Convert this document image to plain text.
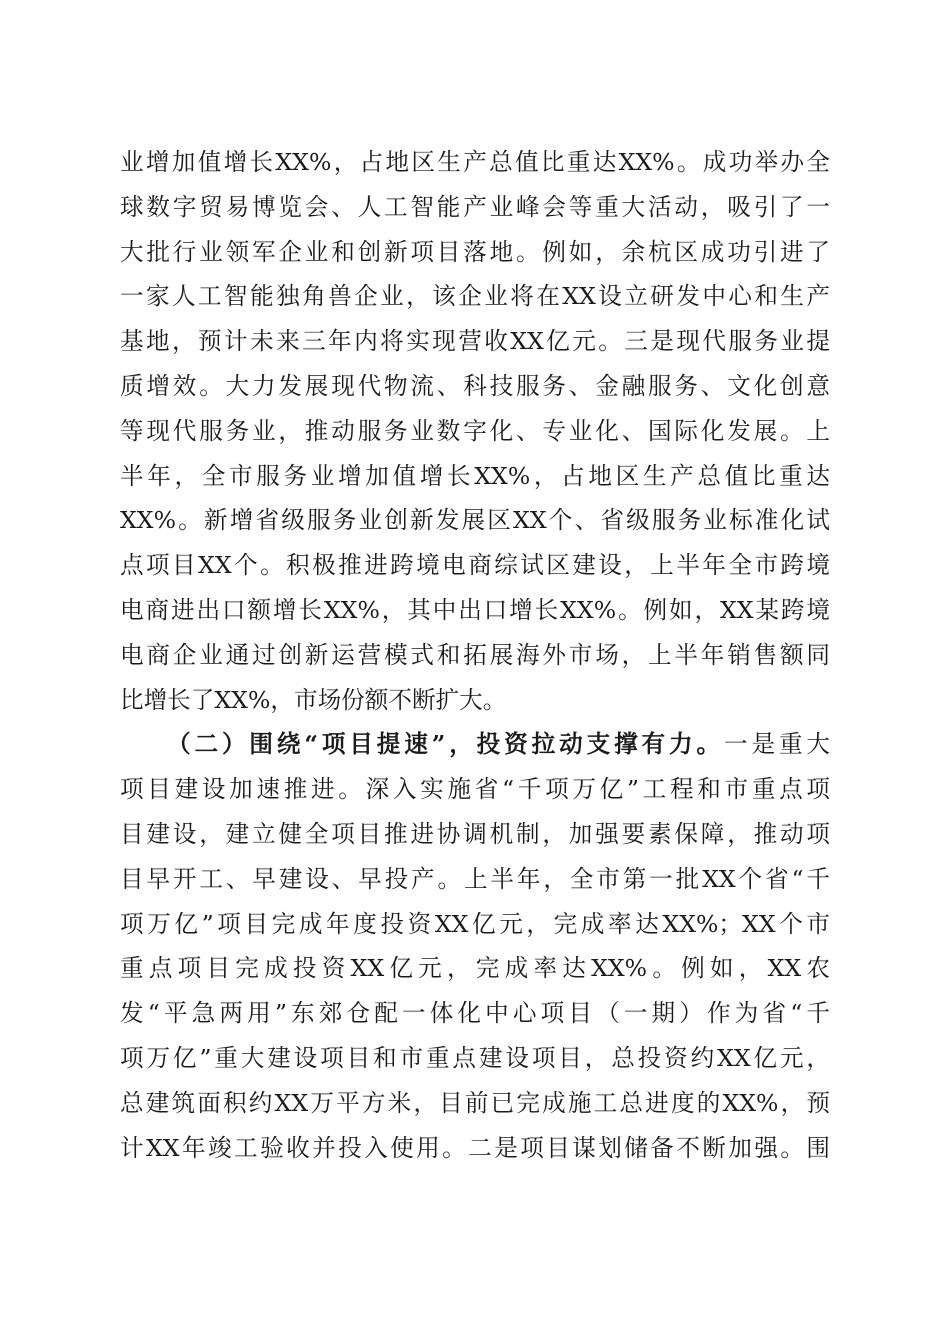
业增加值增长XX%，占地区生产总值比重达XX%。成功举办全
球数字贸易博览会、人工智能产业峰会等重大活动，吸引了一
大批行业领军企业和创新项目落地。例如，余杭区成功引进了
一家人工智能独角兽企业，该企业将在XX设立研发中心和生产
基地，预计未来三年内将实现营收XX亿元。三是现代服务业提
质增效。大力发展现代物流、科技服务、金融服务、文化创意
等现代服务业，推动服务业数字化、专业化、国际化发展。上
半年，全市服务业增加值增长XX%，占地区生产总值比重达
XX%。新增省级服务业创新发展区XX个、省级服务业标准化试
点项目XX个。积极推进跨境电商综试区建设，上半年全市跨境
电商进出口额增长XX%，其中出口增长XX%。例如，XX某跨境
电商企业通过创新运营模式和拓展海外市场，上半年销售额同
比增长了XX%，市场份额不断扩大。
（二）围绕“项目提速”，投资拉动支撑有力。一是重大
项目建设加速推进。深入实施省“千项万亿”工程和市重点项
目建设，建立健全项目推进协调机制，加强要素保障，推动项
目早开工、早建设、早投产。上半年，全市第一批XX个省“千
项万亿”项目完成年度投资XX亿元，完成率达XX%；XX个市
重点项目完成投资XX亿元，完成率达XX%。例如，XX农
发“平急两用”东郊仓配一体化中心项目（一期）作为省“千
项万亿”重大建设项目和市重点建设项目，总投资约XX亿元，
总建筑面积约XX万平方米，目前已完成施工总进度的XX%，预
计XX年竣工验收并投入使用。二是项目谋划储备不断加强。围
